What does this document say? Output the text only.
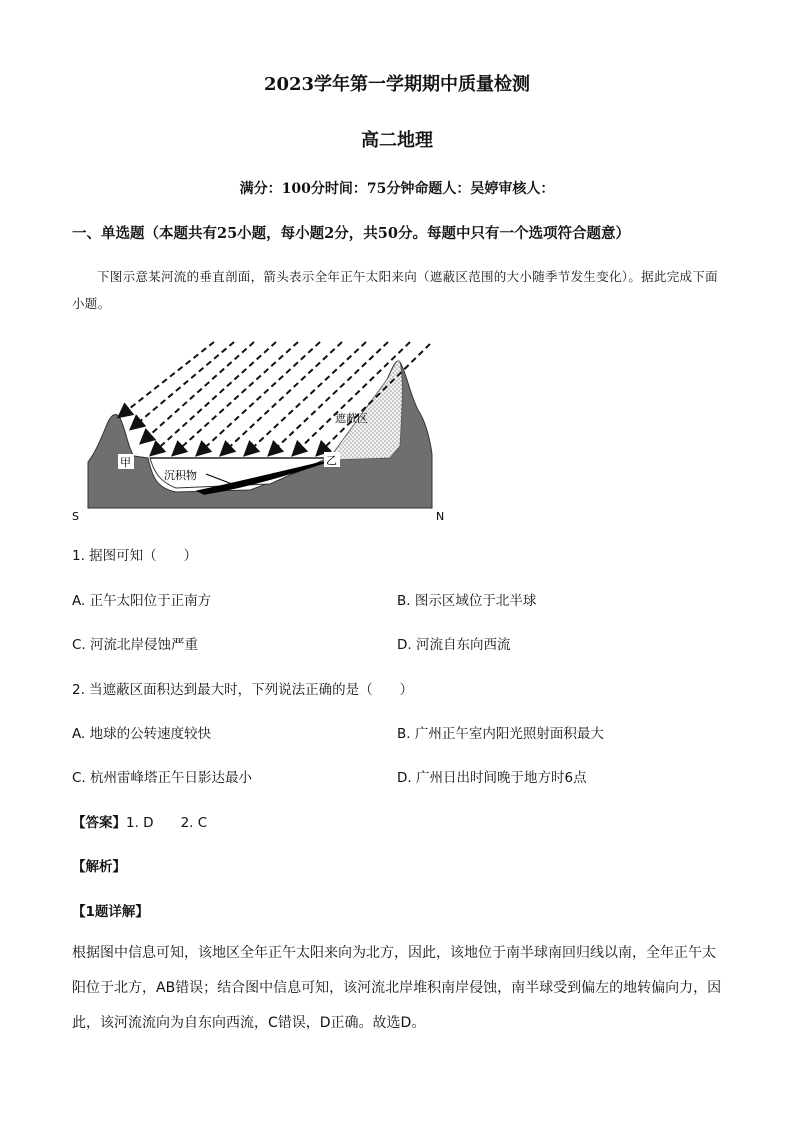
2023学年第一学期期中质量检测
高二地理
满分：100分时间：75分钟命题人：吴婷审核人：
一、单选题（本题共有25小题，每小题2分，共50分。每题中只有一个选项符合题意）
下图示意某河流的垂直剖面，箭头表示全年正午太阳来向（遮蔽区范围的大小随季节发生变化）。据此完成下面小题。
甲	乙
沉积物
遮蔽区
S	N
1. 据图可知（　　）
A. 正午太阳位于正南方	B. 图示区域位于北半球
C. 河流北岸侵蚀严重	D. 河流自东向西流
2. 当遮蔽区面积达到最大时，下列说法正确的是（　　）
A. 地球的公转速度较快	B. 广州正午室内阳光照射面积最大
C. 杭州雷峰塔正午日影达最小	D. 广州日出时间晚于地方时6点
【答案】1. D　　2. C
【解析】
【1题详解】
根据图中信息可知，该地区全年正午太阳来向为北方，因此，该地位于南半球南回归线以南，全年正午太阳位于北方，AB错误；结合图中信息可知，该河流北岸堆积南岸侵蚀，南半球受到偏左的地转偏向力，因此，该河流流向为自东向西流，C错误，D正确。故选D。
